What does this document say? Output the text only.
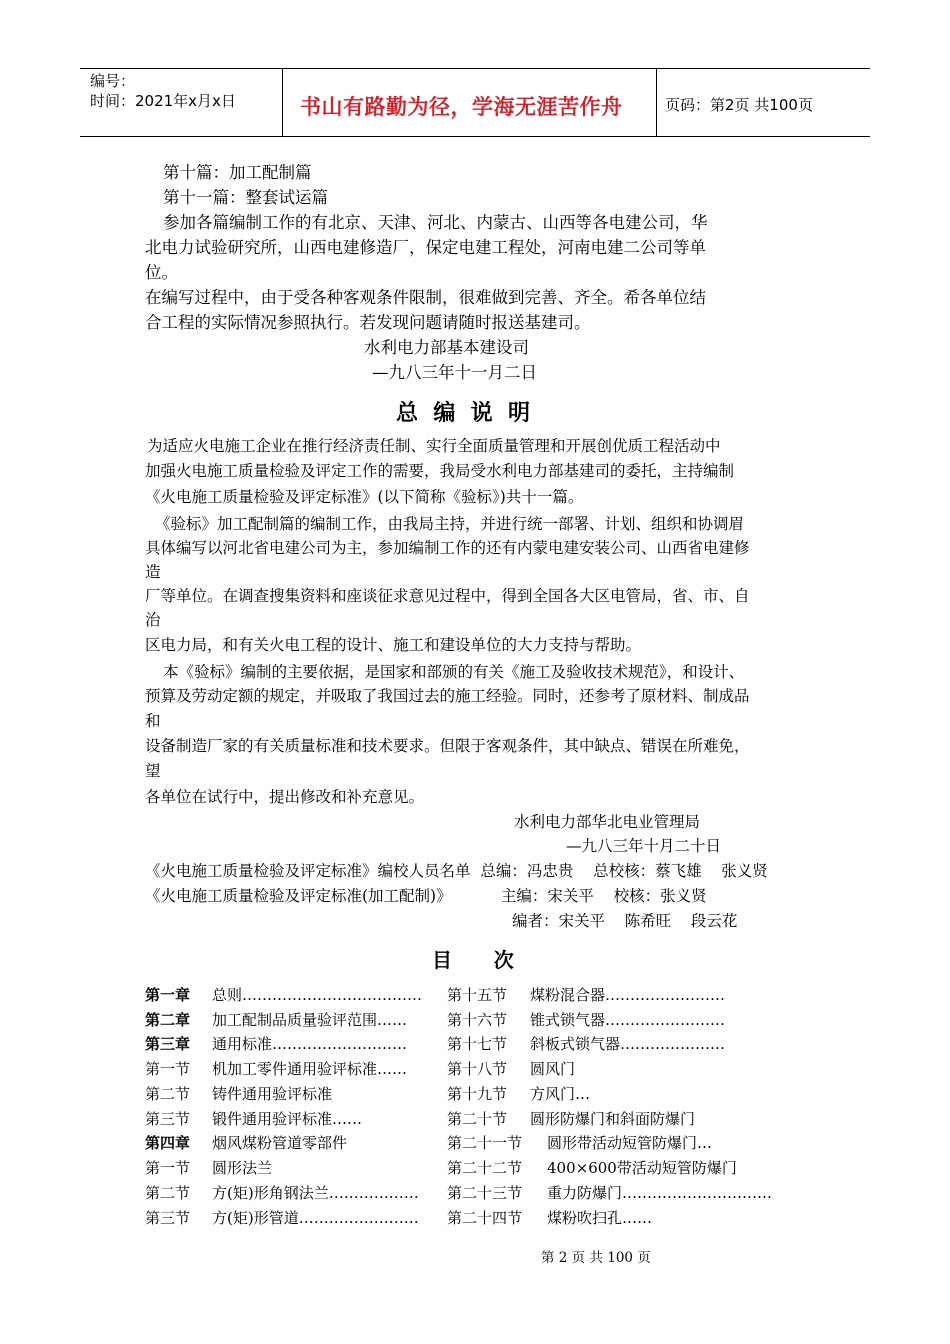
编号：
时间：2021年x月x日	书山有路勤为径，学海无涯苦作舟	页码：第2页 共100页
第十篇：加工配制篇
第十一篇：整套试运篇
参加各篇编制工作的有北京、天津、河北、内蒙古、山西等各电建公司，华
北电力试验研究所，山西电建修造厂，保定电建工程处，河南电建二公司等单
位。
在编写过程中，由于受各种客观条件限制，很难做到完善、齐全。希各单位结
合工程的实际情况参照执行。若发现问题请随时报送基建司。
水利电力部基本建设司
—九八三年十一月二日
总  编  说  明
为适应火电施工企业在推行经济责任制、实行全面质量管理和开展创优质工程活动中
加强火电施工质量检验及评定工作的需要，我局受水利电力部基建司的委托，主持编制
《火电施工质量检验及评定标准》(以下简称《验标》)共十一篇。
《验标》加工配制篇的编制工作，由我局主持，并进行统一部署、计划、组织和协调眉
具体编写以河北省电建公司为主，参加编制工作的还有内蒙电建安装公司、山西省电建修
造
厂等单位。在调查搜集资料和座谈征求意见过程中，得到全国各大区电管局，省、市、自
治
区电力局，和有关火电工程的设计、施工和建设单位的大力支持与帮助。
本《验标》编制的主要依据，是国家和部颁的有关《施工及验收技术规范》，和设计、
预算及劳动定额的规定，并吸取了我国过去的施工经验。同时，还参考了原材料、制成品
和
设备制造厂家的有关质量标准和技术要求。但限于客观条件，其中缺点、错误在所难免，
望
各单位在试行中，提出修改和补充意见。
水利电力部华北电业管理局
—九八三年十月二十日
《火电施工质量检验及评定标准》编校人员名单  总编：冯忠贵    总校核：蔡飞雄    张义贤
《火电施工质量检验及评定标准(加工配制)》          主编：宋关平    校核：张义贤
编者：宋关平    陈希旺    段云花
目      次
第一章 总则………………………………
第二章 加工配制品质量验评范围……
第三章 通用标准………………………
第一节 机加工零件通用验评标准……
第二节 铸件通用验评标准
第三节 锻件通用验评标准……
第四章 烟风煤粉管道零部件
第一节 圆形法兰
第二节 方(矩)形角钢法兰………………
第三节 方(矩)形管道……………………
第十五节 煤粉混合器……………………
第十六节 锥式锁气器……………………
第十七节 斜板式锁气器…………………
第十八节 圆风门
第十九节 方风门…
第二十节 圆形防爆门和斜面防爆门
第二十一节 圆形带活动短管防爆门…
第二十二节 400×600带活动短管防爆门
第二十三节 重力防爆门…………………………
第二十四节 煤粉吹扫孔……
第 2 页 共 100 页
